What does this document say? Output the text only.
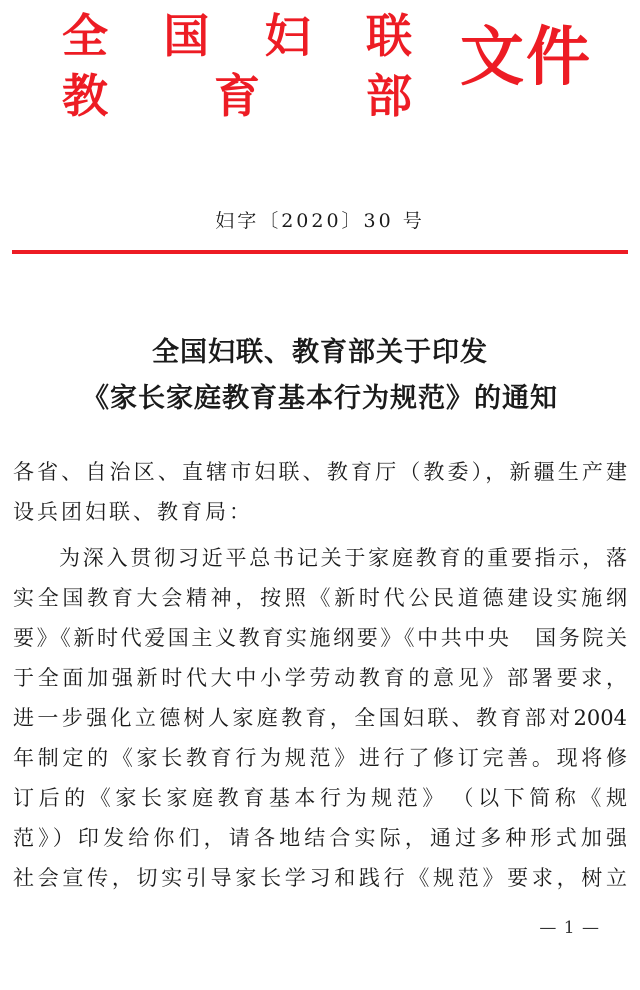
全 国 妇 联
教 育 部
文件
妇字〔2020〕30 号
全国妇联、教育部关于印发
《家长家庭教育基本行为规范》的通知
各省、自治区、直辖市妇联、教育厅（教委），新疆生产建
设兵团妇联、教育局：
为深入贯彻习近平总书记关于家庭教育的重要指示，落
实全国教育大会精神，按照《新时代公民道德建设实施纲
要》《新时代爱国主义教育实施纲要》《中共中央　国务院关
于全面加强新时代大中小学劳动教育的意见》部署要求，
进一步强化立德树人家庭教育，全国妇联、教育部对2004
年制定的《家长教育行为规范》进行了修订完善。现将修
订后的《家长家庭教育基本行为规范》　（以下简称《规
范》）印发给你们，请各地结合实际，通过多种形式加强
社会宣传，切实引导家长学习和践行《规范》要求，树立
— 1 —
